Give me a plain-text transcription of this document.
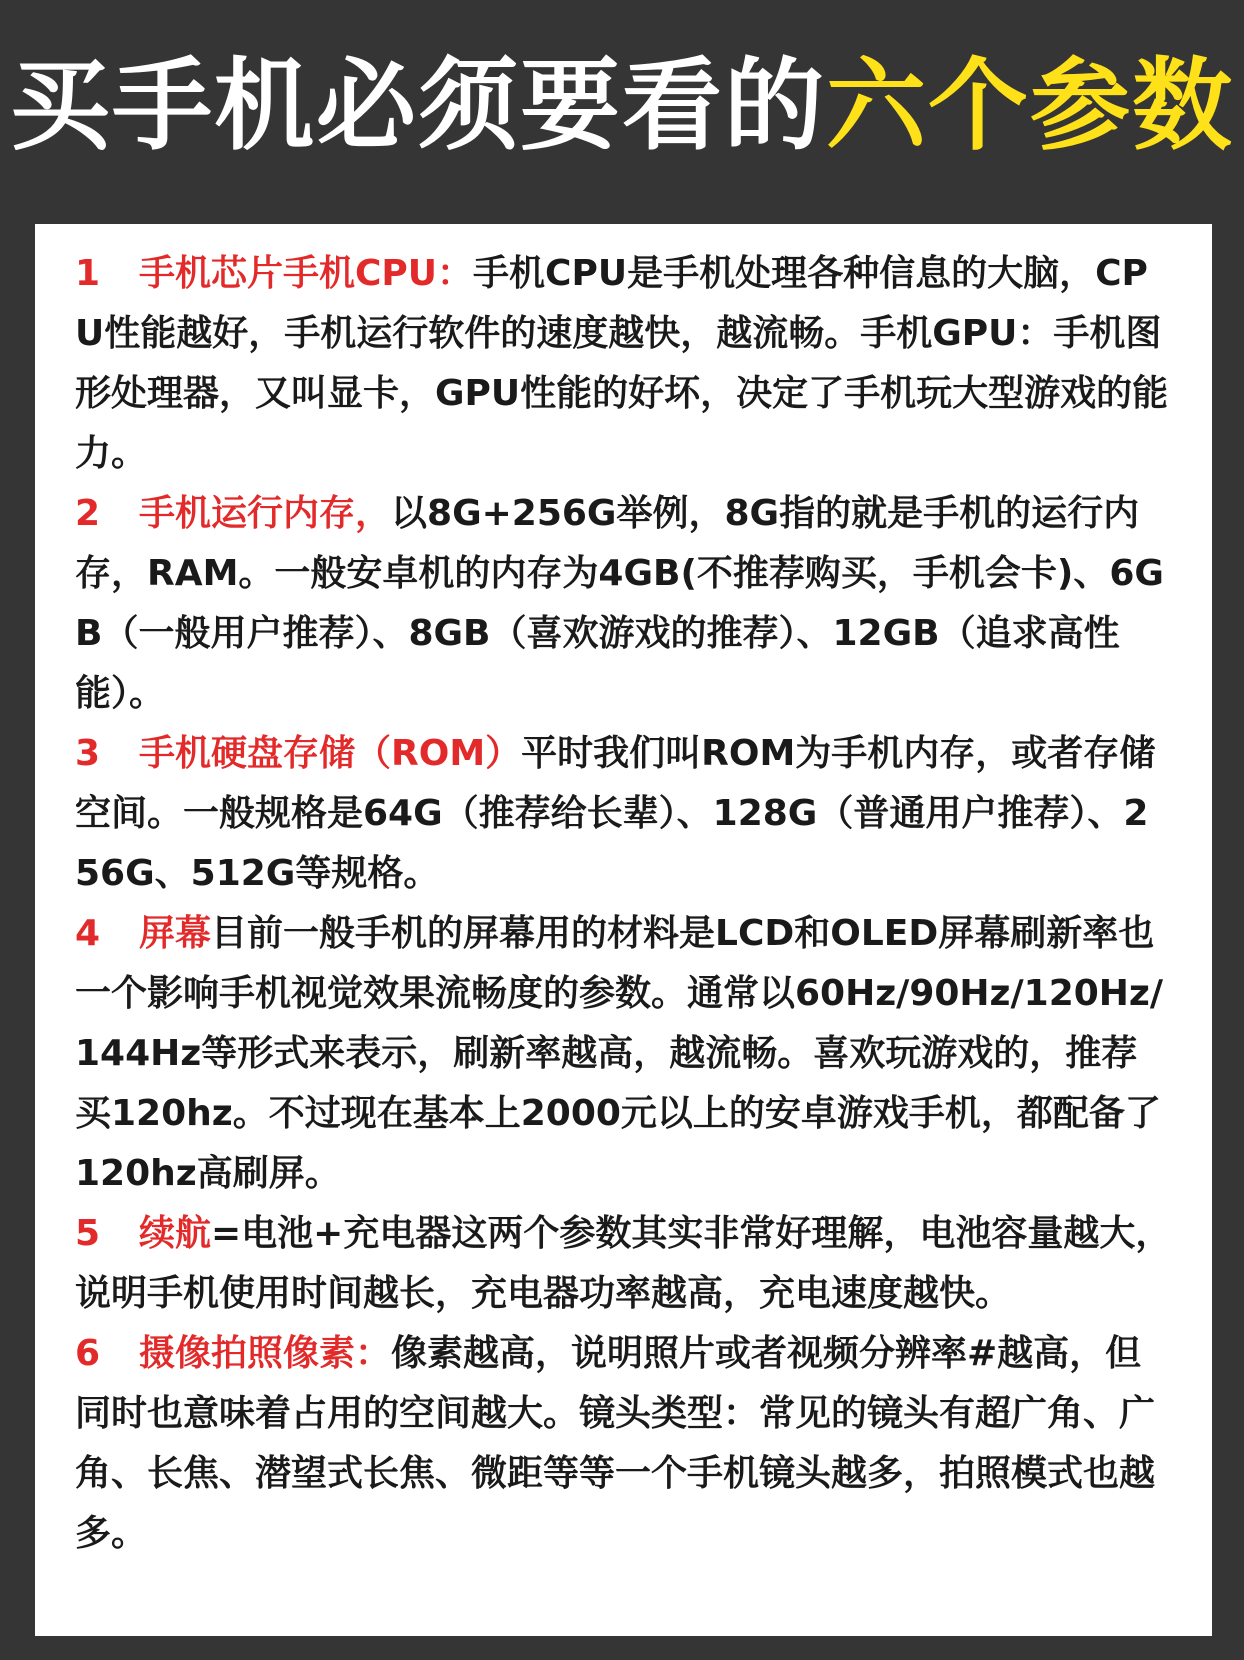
买手机必须要看的六个参数

1 手机芯片手机CPU：手机CPU是手机处理各种信息的大脑，CPU性能越好，手机运行软件的速度越快，越流畅。手机GPU：手机图形处理器，又叫显卡，GPU性能的好坏，决定了手机玩大型游戏的能力。

2 手机运行内存，以8G+256G举例，8G指的就是手机的运行内存，RAM。一般安卓机的内存为4GB(不推荐购买，手机会卡)、6GB（一般用户推荐）、8GB（喜欢游戏的推荐）、12GB（追求高性能）。

3 手机硬盘存储（ROM）平时我们叫ROM为手机内存，或者存储空间。一般规格是64G（推荐给长辈）、128G（普通用户推荐）、256G、512G等规格。

4 屏幕目前一般手机的屏幕用的材料是LCD和OLED屏幕刷新率也一个影响手机视觉效果流畅度的参数。通常以60Hz/90Hz/120Hz/144Hz等形式来表示，刷新率越高，越流畅。喜欢玩游戏的，推荐买120hz。不过现在基本上2000元以上的安卓游戏手机，都配备了120hz高刷屏。

5 续航=电池+充电器这两个参数其实非常好理解，电池容量越大，说明手机使用时间越长，充电器功率越高，充电速度越快。

6 摄像拍照像素：像素越高，说明照片或者视频分辨率#越高，但同时也意味着占用的空间越大。镜头类型：常见的镜头有超广角、广角、长焦、潜望式长焦、微距等等一个手机镜头越多，拍照模式也越多。
